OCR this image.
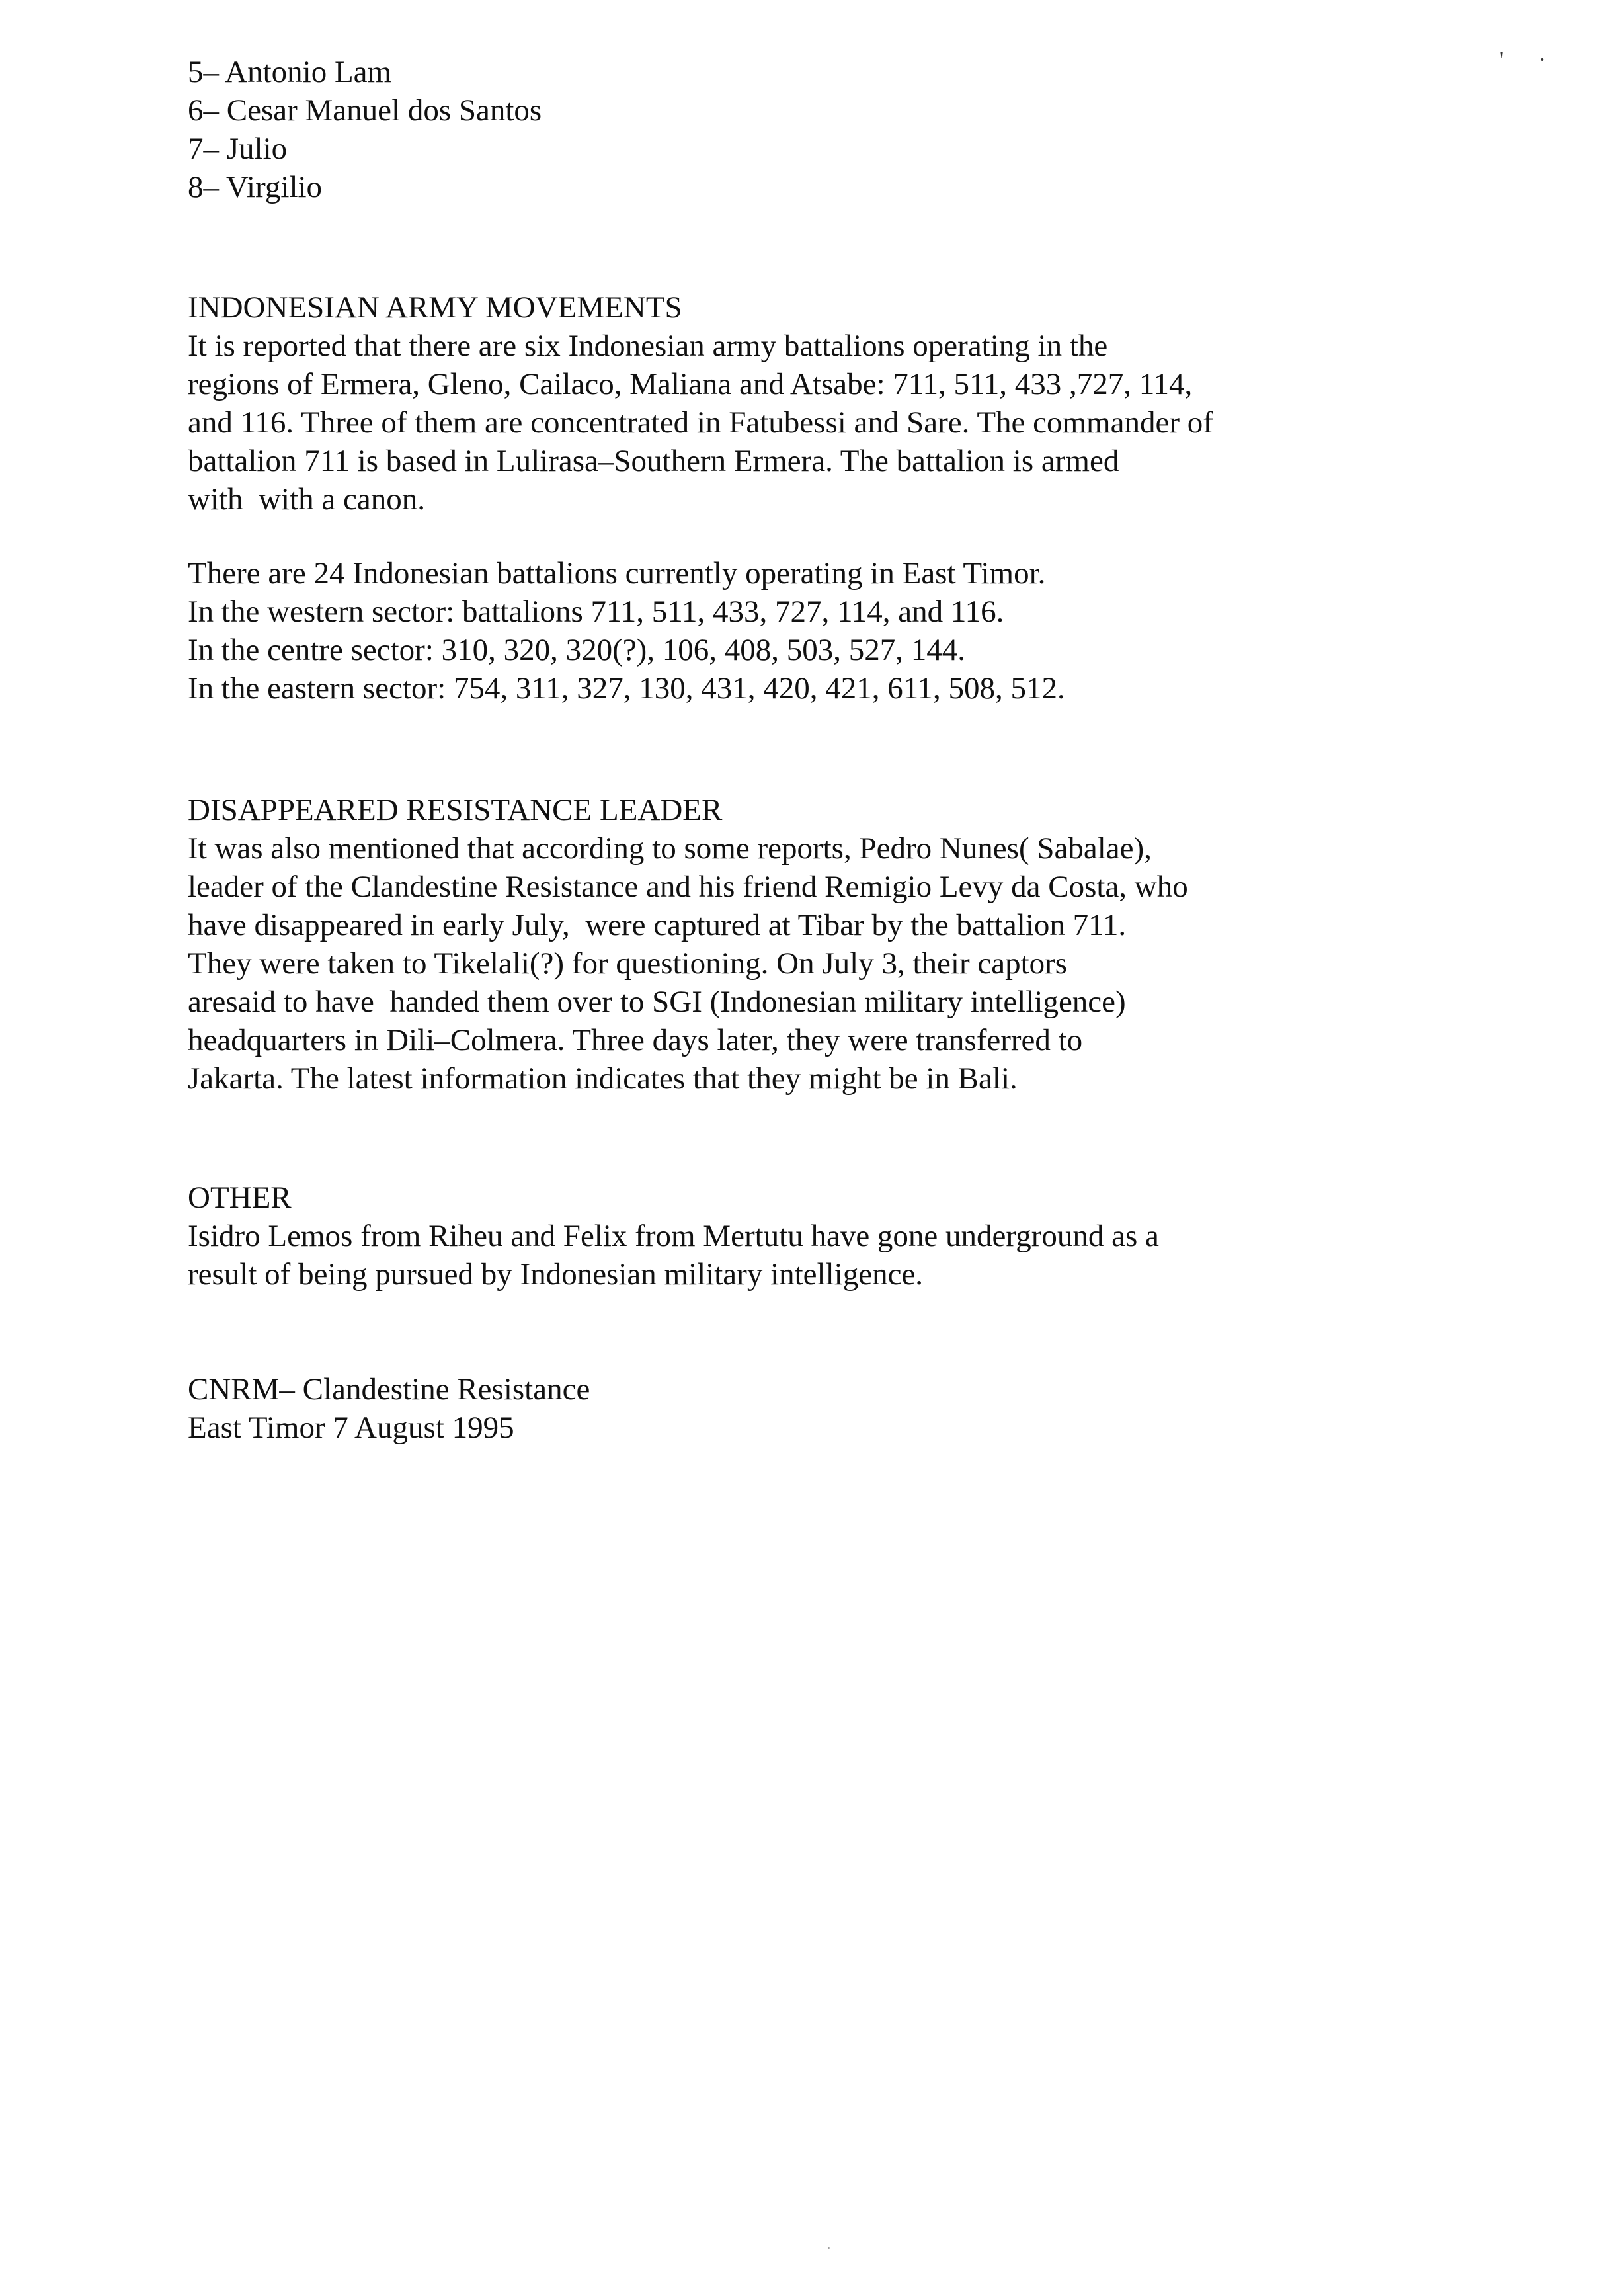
' ·
5– Antonio Lam
6– Cesar Manuel dos Santos
7– Julio
8– Virgilio
INDONESIAN ARMY MOVEMENTS
It is reported that there are six Indonesian army battalions operating in the
regions of Ermera, Gleno, Cailaco, Maliana and Atsabe: 711, 511, 433 ,727, 114,
and 116. Three of them are concentrated in Fatubessi and Sare. The commander of
battalion 711 is based in Lulirasa–Southern Ermera. The battalion is armed
with  with a canon.
There are 24 Indonesian battalions currently operating in East Timor.
In the western sector: battalions 711, 511, 433, 727, 114, and 116.
In the centre sector: 310, 320, 320(?), 106, 408, 503, 527, 144.
In the eastern sector: 754, 311, 327, 130, 431, 420, 421, 611, 508, 512.
DISAPPEARED RESISTANCE LEADER
It was also mentioned that according to some reports, Pedro Nunes( Sabalae),
leader of the Clandestine Resistance and his friend Remigio Levy da Costa, who
have disappeared in early July,  were captured at Tibar by the battalion 711.
They were taken to Tikelali(?) for questioning. On July 3, their captors
aresaid to have  handed them over to SGI (Indonesian military intelligence)
headquarters in Dili–Colmera. Three days later, they were transferred to
Jakarta. The latest information indicates that they might be in Bali.
OTHER
Isidro Lemos from Riheu and Felix from Mertutu have gone underground as a
result of being pursued by Indonesian military intelligence.
CNRM– Clandestine Resistance
East Timor 7 August 1995
